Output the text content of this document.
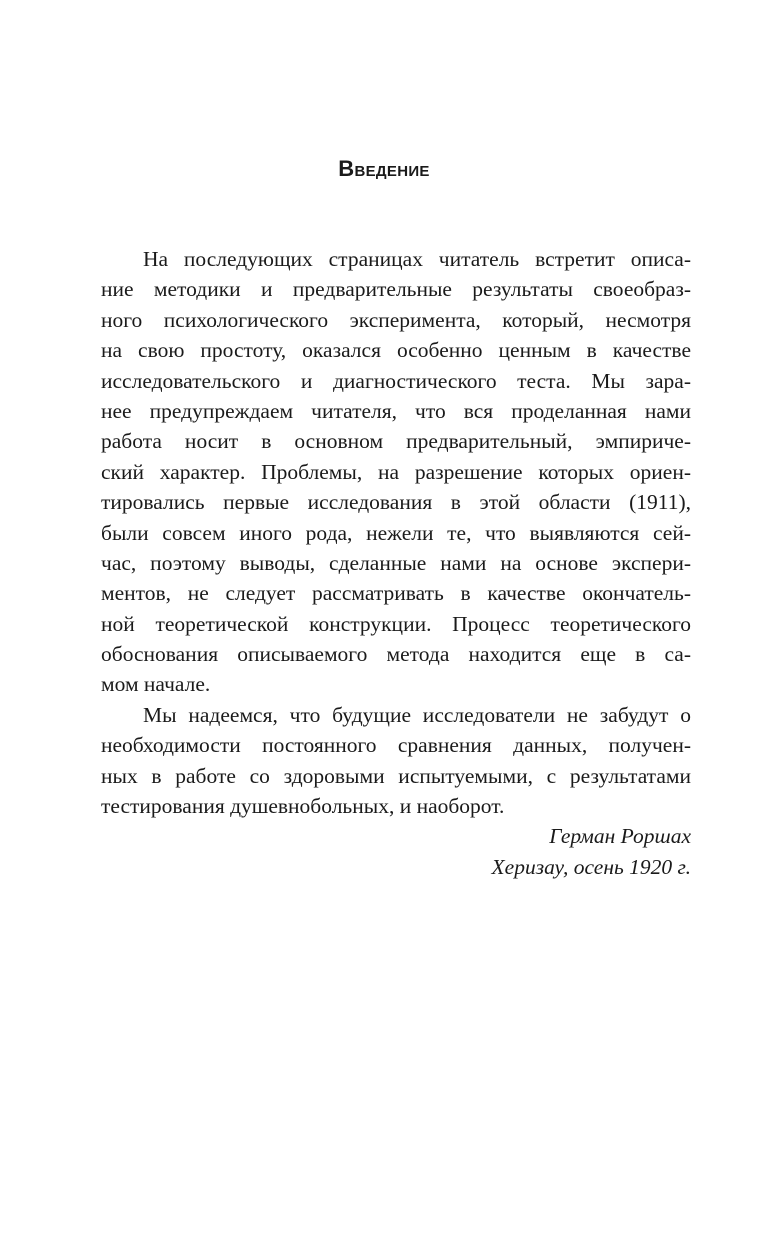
Введение
На последующих страницах читатель встретит описа-
ние методики и предварительные результаты своеобраз-
ного психологического эксперимента, который, несмотря
на свою простоту, оказался особенно ценным в качестве
исследовательского и диагностического теста. Мы зара-
нее предупреждаем читателя, что вся проделанная нами
работа носит в основном предварительный, эмпириче-
ский характер. Проблемы, на разрешение которых ориен-
тировались первые исследования в этой области (1911),
были совсем иного рода, нежели те, что выявляются сей-
час, поэтому выводы, сделанные нами на основе экспери-
ментов, не следует рассматривать в качестве окончатель-
ной теоретической конструкции. Процесс теоретического
обоснования описываемого метода находится еще в са-
мом начале.
Мы надеемся, что будущие исследователи не забудут о
необходимости постоянного сравнения данных, получен-
ных в работе со здоровыми испытуемыми, с результатами
тестирования душевнобольных, и наоборот.
Герман Роршах
Херизау, осень 1920 г.
